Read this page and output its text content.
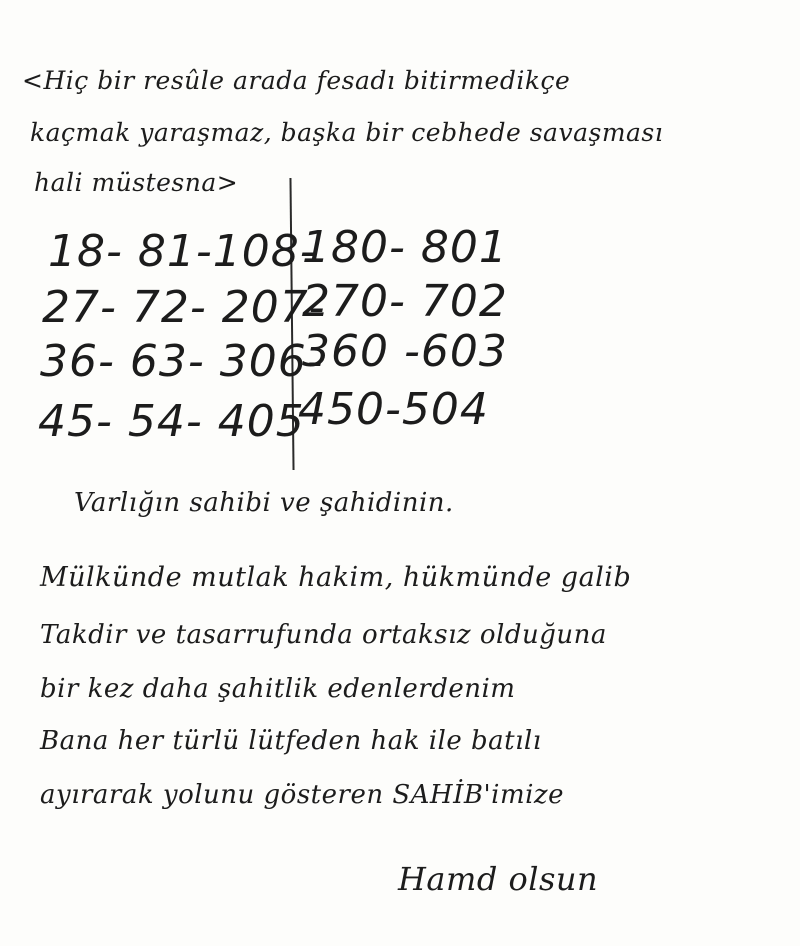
<Hiç bir resûle arada fesadı bitirmedikçe
kaçmak yaraşmaz, başka bir cebhede savaşması
hali müstesna>
18- 81-108-
27- 72- 207-
36- 63- 306-
45- 54- 405
180- 801
270- 702
360 -603
450-504
Varlığın sahibi ve şahidinin.
Mülkünde mutlak hakim, hükmünde galib
Takdir ve tasarrufunda ortaksız olduğuna
bir kez daha şahitlik edenlerdenim
Bana her türlü lütfeden hak ile batılı
ayırarak yolunu gösteren SAHİB'imize
Hamd olsun
